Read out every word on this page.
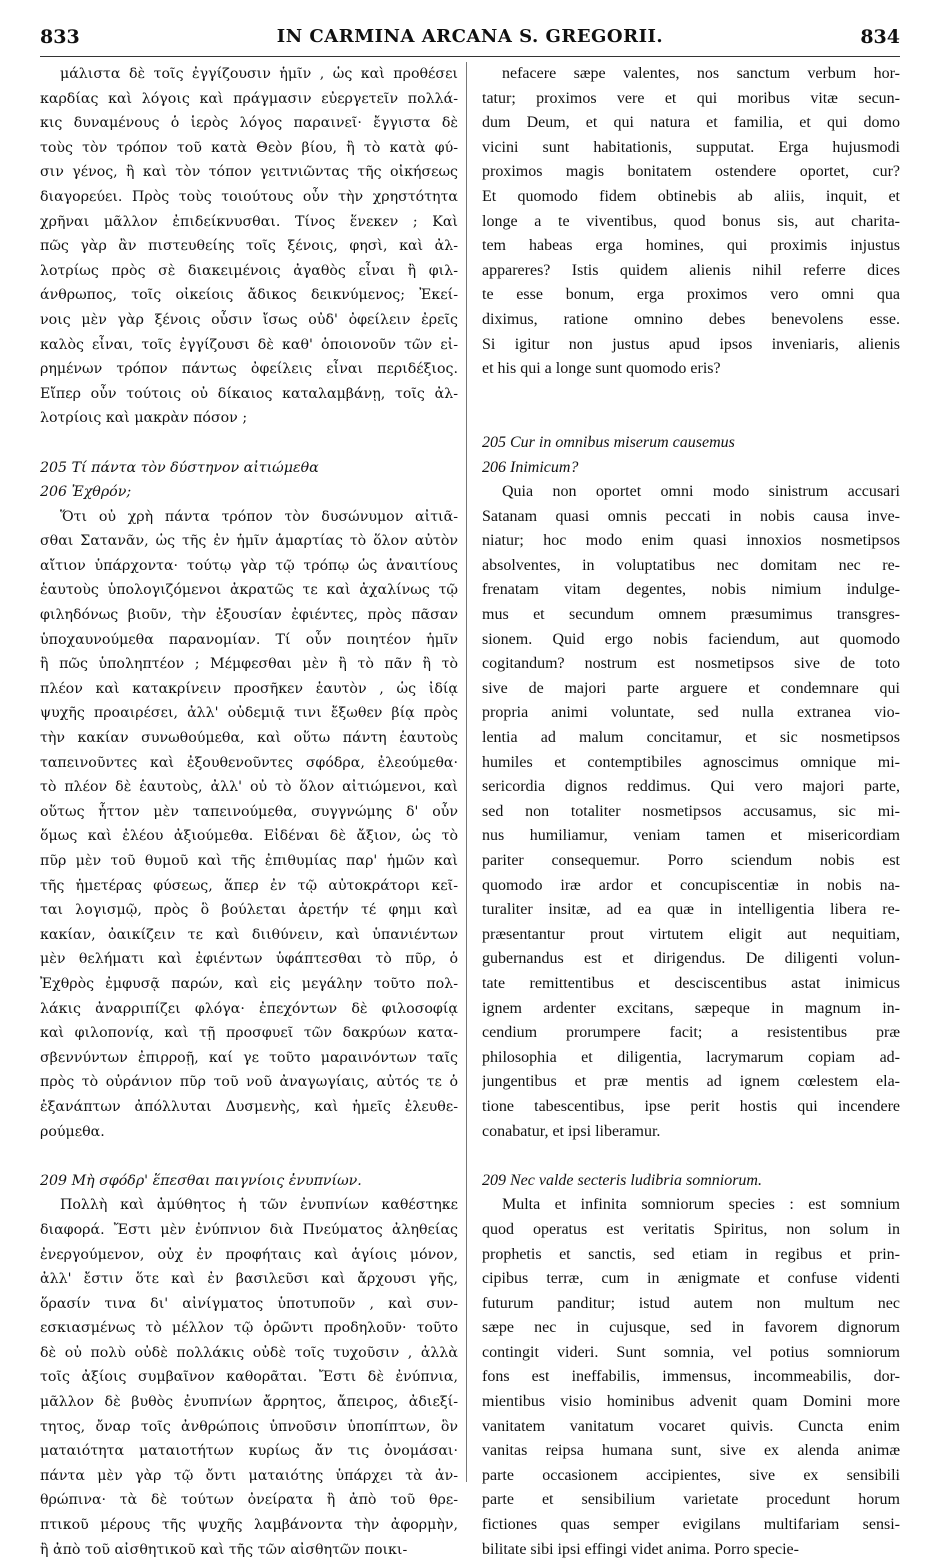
833	IN CARMINA ARCANA S. GREGORII.	834
μάλιστα δὲ τοῖς ἐγγίζουσιν ἡμῖν , ὡς καὶ προθέσει
καρδίας καὶ λόγοις καὶ πράγμασιν εὐεργετεῖν πολλά-
κις δυναμένους ὁ ἱερὸς λόγος παραινεῖ· ἔγγιστα δὲ
τοὺς τὸν τρόπον τοῦ κατὰ Θεὸν βίου, ἢ τὸ κατὰ φύ-
σιν γένος, ἢ καὶ τὸν τόπον γειτνιῶντας τῆς οἰκήσεως
διαγορεύει. Πρὸς τοὺς τοιούτους οὖν τὴν χρηστότητα
χρῆναι μᾶλλον ἐπιδείκνυσθαι. Τίνος ἕνεκεν ; Καὶ
πῶς γὰρ ἂν πιστευθείης τοῖς ξένοις, φησὶ, καὶ ἀλ-
λοτρίως πρὸς σὲ διακειμένοις ἀγαθὸς εἶναι ἢ φιλ-
άνθρωπος, τοῖς οἰκείοις ἄδικος δεικνύμενος; Ἐκεί-
νοις μὲν γὰρ ξένοις οὖσιν ἴσως οὐδ' ὀφείλειν ἐρεῖς
καλὸς εἶναι, τοῖς ἐγγίζουσι δὲ καθ' ὁποιονοῦν τῶν εἰ-
ρημένων τρόπον πάντως ὀφείλεις εἶναι περιδέξιος.
Εἴπερ οὖν τούτοις οὐ δίκαιος καταλαμβάνῃ, τοῖς ἀλ-
λοτρίοις καὶ μακρὰν πόσον ;
205 Τί πάντα τὸν δύστηνον αἰτιώμεθα
206 Ἐχθρόν;
Ὅτι οὐ χρὴ πάντα τρόπον τὸν δυσώνυμον αἰτιᾶ-
σθαι Σατανᾶν, ὡς τῆς ἐν ἡμῖν ἁμαρτίας τὸ ὅλον αὐτὸν
αἴτιον ὑπάρχοντα· τούτῳ γὰρ τῷ τρόπῳ ὡς ἀναιτίους
ἑαυτοὺς ὑπολογιζόμενοι ἀκρατῶς τε καὶ ἀχαλίνως τῷ
φιληδόνως βιοῦν, τὴν ἐξουσίαν ἐφιέντες, πρὸς πᾶσαν
ὑποχαυνούμεθα παρανομίαν. Τί οὖν ποιητέον ἡμῖν
ἢ πῶς ὑποληπτέον ; Μέμφεσθαι μὲν ἢ τὸ πᾶν ἢ τὸ
πλέον καὶ κατακρίνειν προσῆκεν ἑαυτὸν , ὡς ἰδίᾳ
ψυχῆς προαιρέσει, ἀλλ' οὐδεμιᾷ τινι ἔξωθεν βίᾳ πρὸς
τὴν κακίαν συνωθούμεθα, καὶ οὕτω πάντη ἑαυτοὺς
ταπεινοῦντες καὶ ἐξουθενοῦντες σφόδρα, ἐλεούμεθα·
τὸ πλέον δὲ ἑαυτοὺς, ἀλλ' οὐ τὸ ὅλον αἰτιώμενοι, καὶ
οὕτως ἧττον μὲν ταπεινούμεθα, συγγνώμης δ' οὖν
ὅμως καὶ ἐλέου ἀξιούμεθα. Εἰδέναι δὲ ἄξιον, ὡς τὸ
πῦρ μὲν τοῦ θυμοῦ καὶ τῆς ἐπιθυμίας παρ' ἡμῶν καὶ
τῆς ἡμετέρας φύσεως, ἅπερ ἐν τῷ αὐτοκράτορι κεῖ-
ται λογισμῷ, πρὸς ὃ βούλεται ἀρετήν τέ φημι καὶ
κακίαν, ὀαικίζειν τε καὶ διιθύνειν, καὶ ὑπανιέντων
μὲν θελήματι καὶ ἐφιέντων ὑφάπτεσθαι τὸ πῦρ, ὁ
Ἐχθρὸς ἐμφυσᾷ παρών, καὶ εἰς μεγάλην τοῦτο πολ-
λάκις ἀναρριπίζει φλόγα· ἐπεχόντων δὲ φιλοσοφίᾳ
καὶ φιλοπονίᾳ, καὶ τῇ προσφυεῖ τῶν δακρύων κατα-
σβεννύντων ἐπιρροῇ, καί γε τοῦτο μαραινόντων ταῖς
πρὸς τὸ οὐράνιον πῦρ τοῦ νοῦ ἀναγωγίαις, αὐτός τε ὁ
ἐξανάπτων ἀπόλλυται Δυσμενὴς, καὶ ἡμεῖς ἐλευθε-
ρούμεθα.
209 Μὴ σφόδρ' ἕπεσθαι παιγνίοις ἐνυπνίων.
Πολλὴ καὶ ἀμύθητος ἡ τῶν ἐνυπνίων καθέστηκε
διαφορά. Ἔστι μὲν ἐνύπνιον διὰ Πνεύματος ἀληθείας
ἐνεργούμενον, οὐχ ἐν προφήταις καὶ ἁγίοις μόνον,
ἀλλ' ἔστιν ὅτε καὶ ἐν βασιλεῦσι καὶ ἄρχουσι γῆς,
ὅρασίν τινα δι' αἰνίγματος ὑποτυποῦν , καὶ συν-
εσκιασμένως τὸ μέλλον τῷ ὁρῶντι προδηλοῦν· τοῦτο
δὲ οὐ πολὺ οὐδὲ πολλάκις οὐδὲ τοῖς τυχοῦσιν , ἀλλὰ
τοῖς ἀξίοις συμβαῖνον καθορᾶται. Ἔστι δὲ ἐνύπνια,
μᾶλλον δὲ βυθὸς ἐνυπνίων ἄρρητος, ἄπειρος, ἀδιεξί-
τητος, ὄναρ τοῖς ἀνθρώποις ὑπνοῦσιν ὑποπίπτων, ὃν
ματαιότητα ματαιοτήτων κυρίως ἄν τις ὀνομάσαι·
πάντα μὲν γὰρ τῷ ὄντι ματαιότης ὑπάρχει τὰ ἀν-
θρώπινα· τὰ δὲ τούτων ὀνείρατα ἢ ἀπὸ τοῦ θρε-
πτικοῦ μέρους τῆς ψυχῆς λαμβάνοντα τὴν ἀφορμὴν,
ἢ ἀπὸ τοῦ αἰσθητικοῦ καὶ τῆς τῶν αἰσθητῶν ποικι-
nefacere sæpe valentes, nos sanctum verbum hor-
tatur; proximos vere et qui moribus vitæ secun-
dum Deum, et qui natura et familia, et qui domo
vicini sunt habitationis, supputat. Erga hujusmodi
proximos magis bonitatem ostendere oportet, cur?
Et quomodo fidem obtinebis ab aliis, inquit, et
longe a te viventibus, quod bonus sis, aut charita-
tem habeas erga homines, qui proximis injustus
appareres? Istis quidem alienis nihil referre dices
te esse bonum, erga proximos vero omni qua
diximus, ratione omnino debes benevolens esse.
Si igitur non justus apud ipsos inveniaris, alienis
et his qui a longe sunt quomodo eris?
205 Cur in omnibus miserum causemus
206 Inimicum?
Quia non oportet omni modo sinistrum accusari
Satanam quasi omnis peccati in nobis causa inve-
niatur; hoc modo enim quasi innoxios nosmetipsos
absolventes, in voluptatibus nec domitam nec re-
frenatam vitam degentes, nobis nimium indulge-
mus et secundum omnem præsumimus transgres-
sionem. Quid ergo nobis faciendum, aut quomodo
cogitandum? nostrum est nosmetipsos sive de toto
sive de majori parte arguere et condemnare qui
propria animi voluntate, sed nulla extranea vio-
lentia ad malum concitamur, et sic nosmetipsos
humiles et contemptibiles agnoscimus omnique mi-
sericordia dignos reddimus. Qui vero majori parte,
sed non totaliter nosmetipsos accusamus, sic mi-
nus humiliamur, veniam tamen et misericordiam
pariter consequemur. Porro sciendum nobis est
quomodo iræ ardor et concupiscentiæ in nobis na-
turaliter insitæ, ad ea quæ in intelligentia libera re-
præsentantur prout virtutem eligit aut nequitiam,
gubernandus est et dirigendus. De diligenti volun-
tate remittentibus et desciscentibus astat inimicus
ignem ardenter excitans, sæpeque in magnum in-
cendium prorumpere facit; a resistentibus præ
philosophia et diligentia, lacrymarum copiam ad-
jungentibus et præ mentis ad ignem cœlestem ela-
tione tabescentibus, ipse perit hostis qui incendere
conabatur, et ipsi liberamur.
209 Nec valde secteris ludibria somniorum.
Multa et infinita somniorum species : est somnium
quod operatus est veritatis Spiritus, non solum in
prophetis et sanctis, sed etiam in regibus et prin-
cipibus terræ, cum in ænigmate et confuse videnti
futurum panditur; istud autem non multum nec
sæpe nec in cujusque, sed in favorem dignorum
contingit videri. Sunt somnia, vel potius somniorum
fons est ineffabilis, immensus, incommeabilis, dor-
mientibus visio hominibus advenit quam Domini more
vanitatem vanitatum vocaret quivis. Cuncta enim
vanitas reipsa humana sunt, sive ex alenda animæ
parte occasionem accipientes, sive ex sensibili
parte et sensibilium varietate procedunt horum
fictiones quas semper evigilans multifariam sensi-
bilitate sibi ipsi effingi videt anima. Porro specie-
